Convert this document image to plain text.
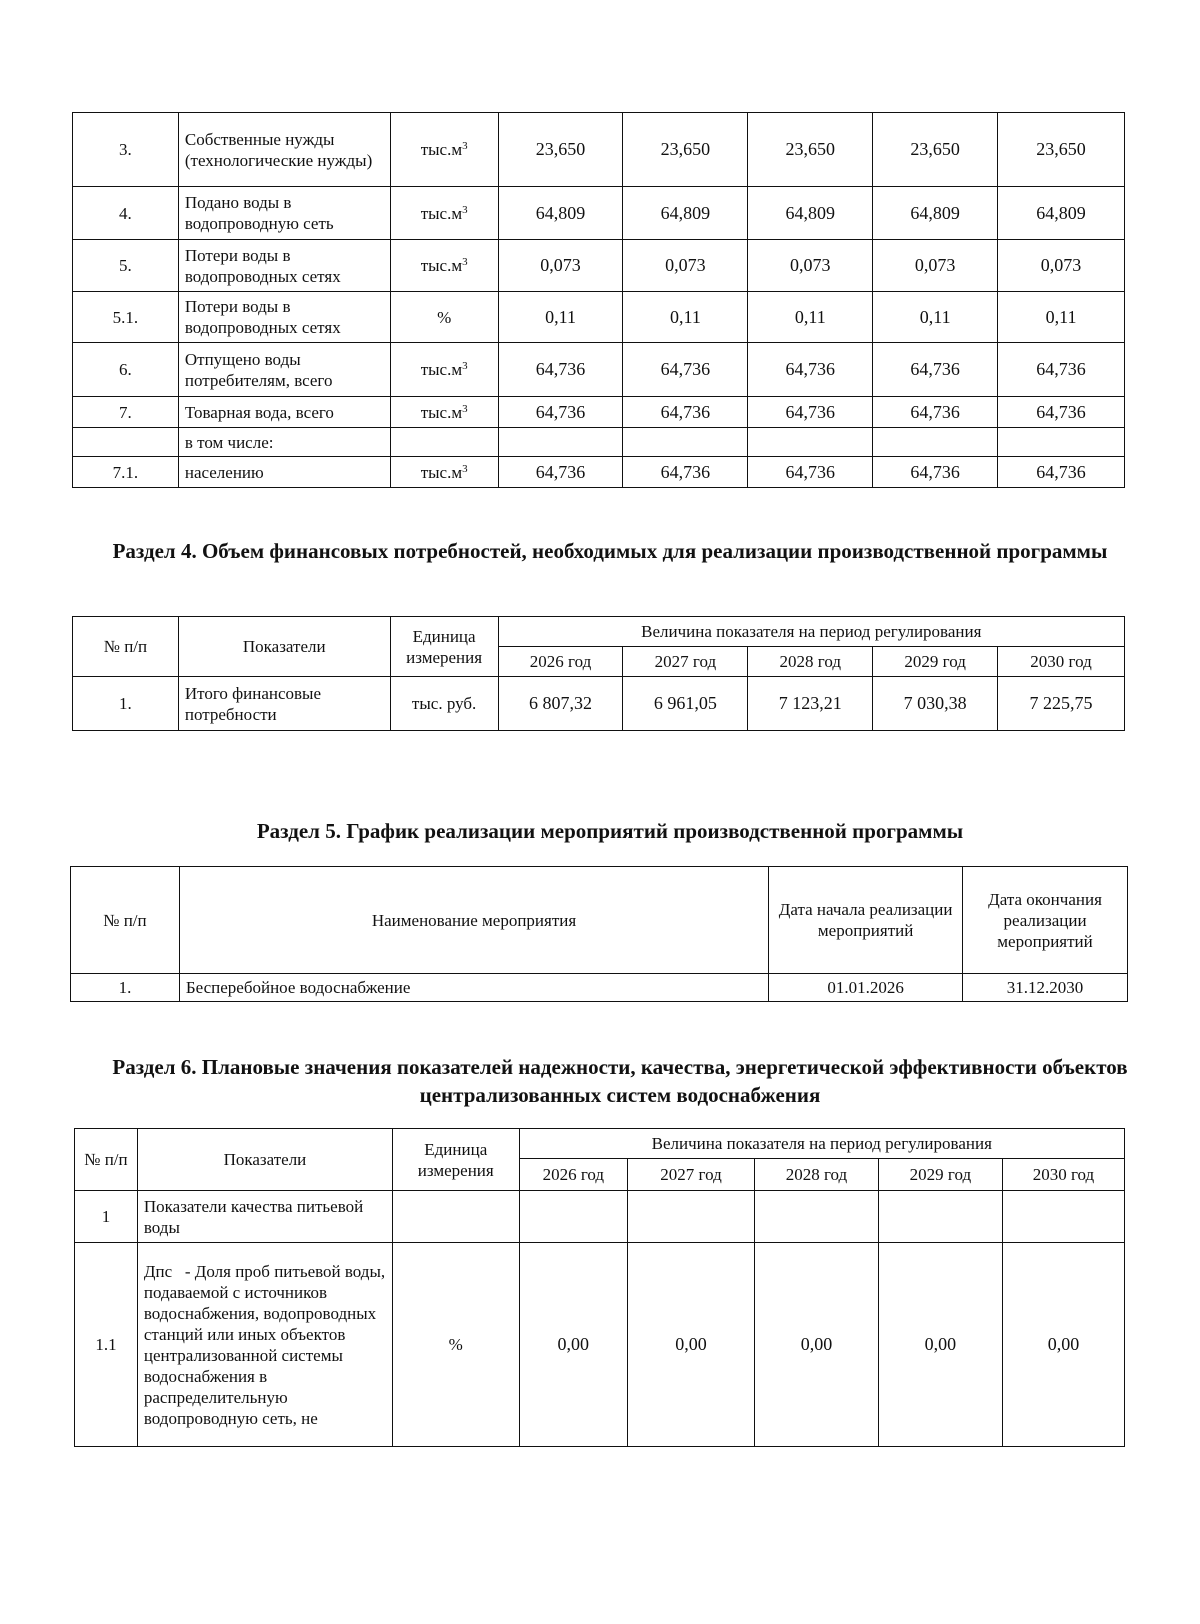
3.	Собственные нужды (технологические нужды)	$тыс.м^3$	23,650	23,650	23,650	23,650	23,650
4.	Подано воды в водопроводную сеть	$тыс.м^3$	64,809	64,809	64,809	64,809	64,809
5.	Потери воды в водопроводных сетях	$тыс.м^3$	0,073	0,073	0,073	0,073	0,073
5.1.	Потери воды в водопроводных сетях	%	0,11	0,11	0,11	0,11	0,11
6.	Отпущено воды потребителям, всего	$тыс.м^3$	64,736	64,736	64,736	64,736	64,736
7.	Товарная вода, всего	$тыс.м^3$	64,736	64,736	64,736	64,736	64,736
	в том числе:						
7.1.	населению	$тыс.м^3$	64,736	64,736	64,736	64,736	64,736
Раздел 4. Объем финансовых потребностей, необходимых для реализации производственной программы
№ п/п	Показатели	Единица измерения	Величина показателя на период регулирования				
			2026 год	2027 год	2028 год	2029 год	2030 год
1.	Итого финансовые потребности	тыс. руб.	6 807,32	6 961,05	7 123,21	7 030,38	7 225,75
Раздел 5. График реализации мероприятий производственной программы
№ п/п	Наименование мероприятия	Дата начала реализации мероприятий	Дата окончания реализации мероприятий
1.	Бесперебойное водоснабжение	01.01.2026	31.12.2030
Раздел 6. Плановые значения показателей надежности, качества, энергетической эффективности объектов централизованных систем водоснабжения
№ п/п	Показатели	Единица измерения	Величина показателя на период регулирования				
			2026 год	2027 год	2028 год	2029 год	2030 год
1	Показатели качества питьевой воды						
1.1	Дпс   - Доля проб питьевой воды, подаваемой с источников водоснабжения, водопроводных станций или иных объектов централизованной системы водоснабжения в распределительную водопроводную сеть, не	%	0,00	0,00	0,00	0,00	0,00
